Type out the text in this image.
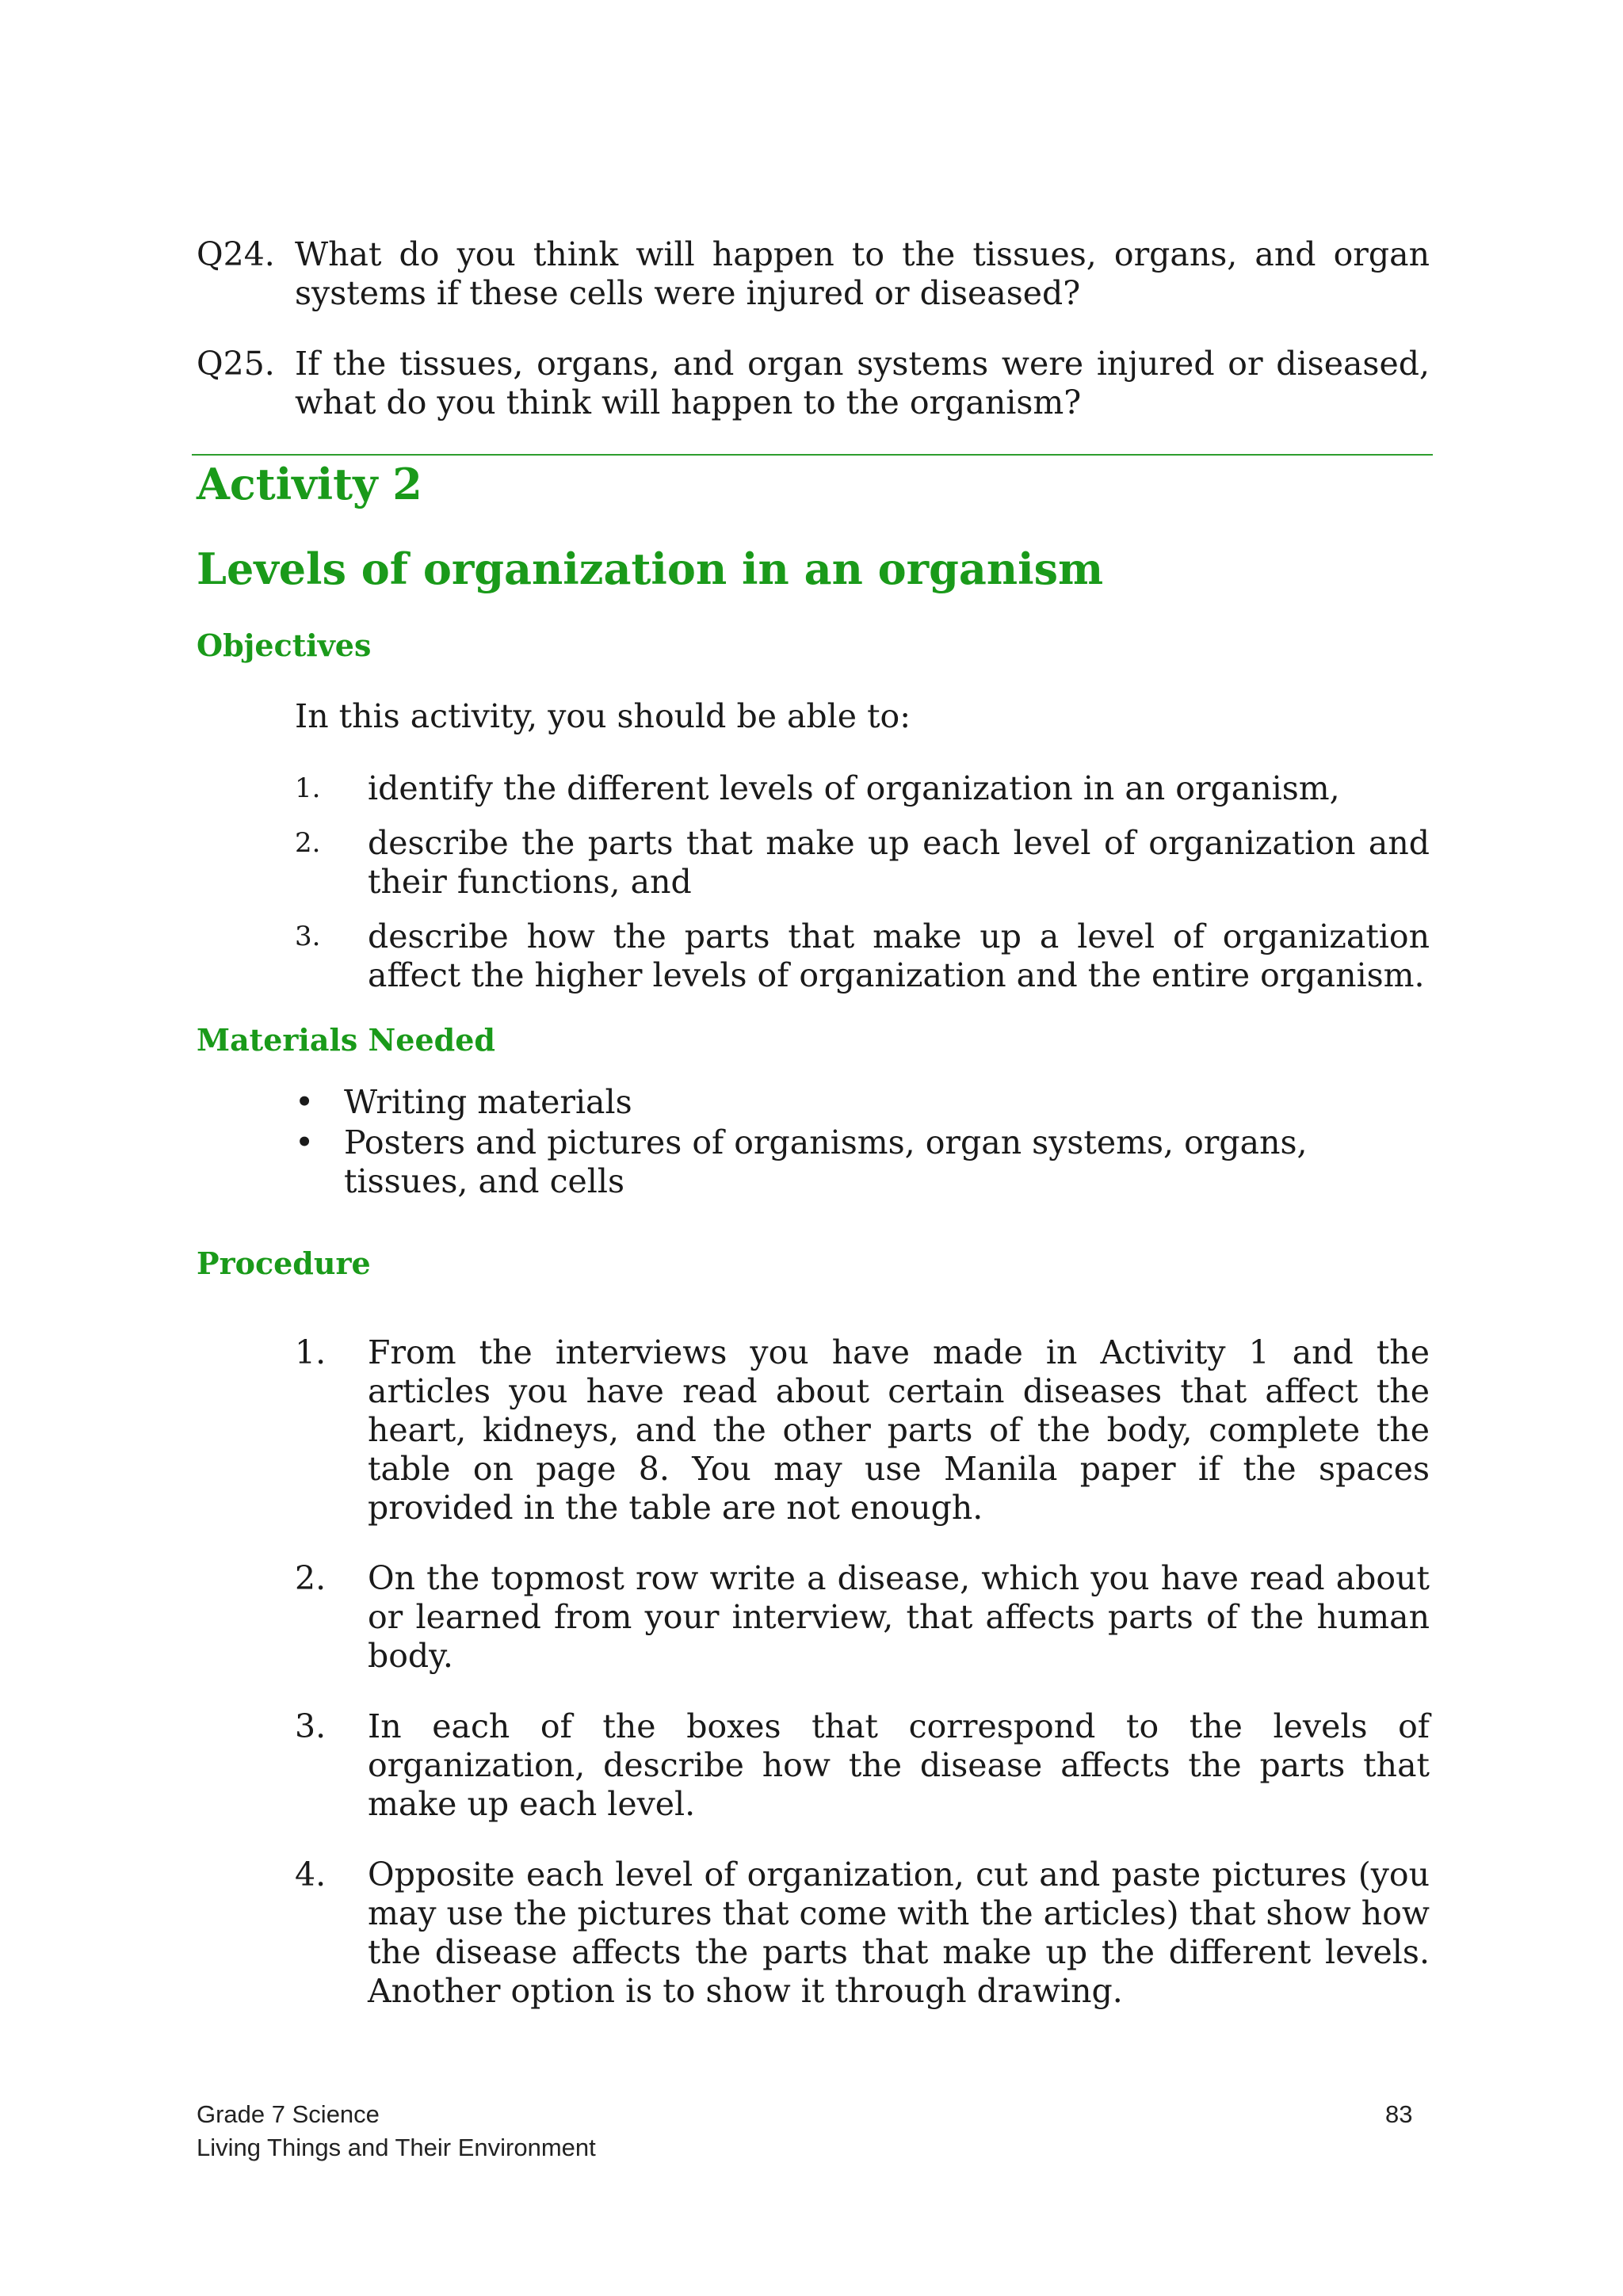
Q24. What do you think will happen to the tissues, organs, and organ systems if these cells were injured or diseased?
Q25. If the tissues, organs, and organ systems were injured or diseased, what do you think will happen to the organism?
Activity 2
Levels of organization in an organism
Objectives
In this activity, you should be able to:
1. identify the different levels of organization in an organism,
2. describe the parts that make up each level of organization and their functions, and
3. describe how the parts that make up a level of organization affect the higher levels of organization and the entire organism.
Materials Needed
• Writing materials
• Posters and pictures of organisms, organ systems, organs, tissues, and cells
Procedure
1. From the interviews you have made in Activity 1 and the articles you have read about certain diseases that affect the heart, kidneys, and the other parts of the body, complete the table on page 8. You may use Manila paper if the spaces provided in the table are not enough.
2. On the topmost row write a disease, which you have read about or learned from your interview, that affects parts of the human body.
3. In each of the boxes that correspond to the levels of organization, describe how the disease affects the parts that make up each level.
4. Opposite each level of organization, cut and paste pictures (you may use the pictures that come with the articles) that show how the disease affects the parts that make up the different levels. Another option is to show it through drawing.
Grade 7 Science
Living Things and Their Environment
83
